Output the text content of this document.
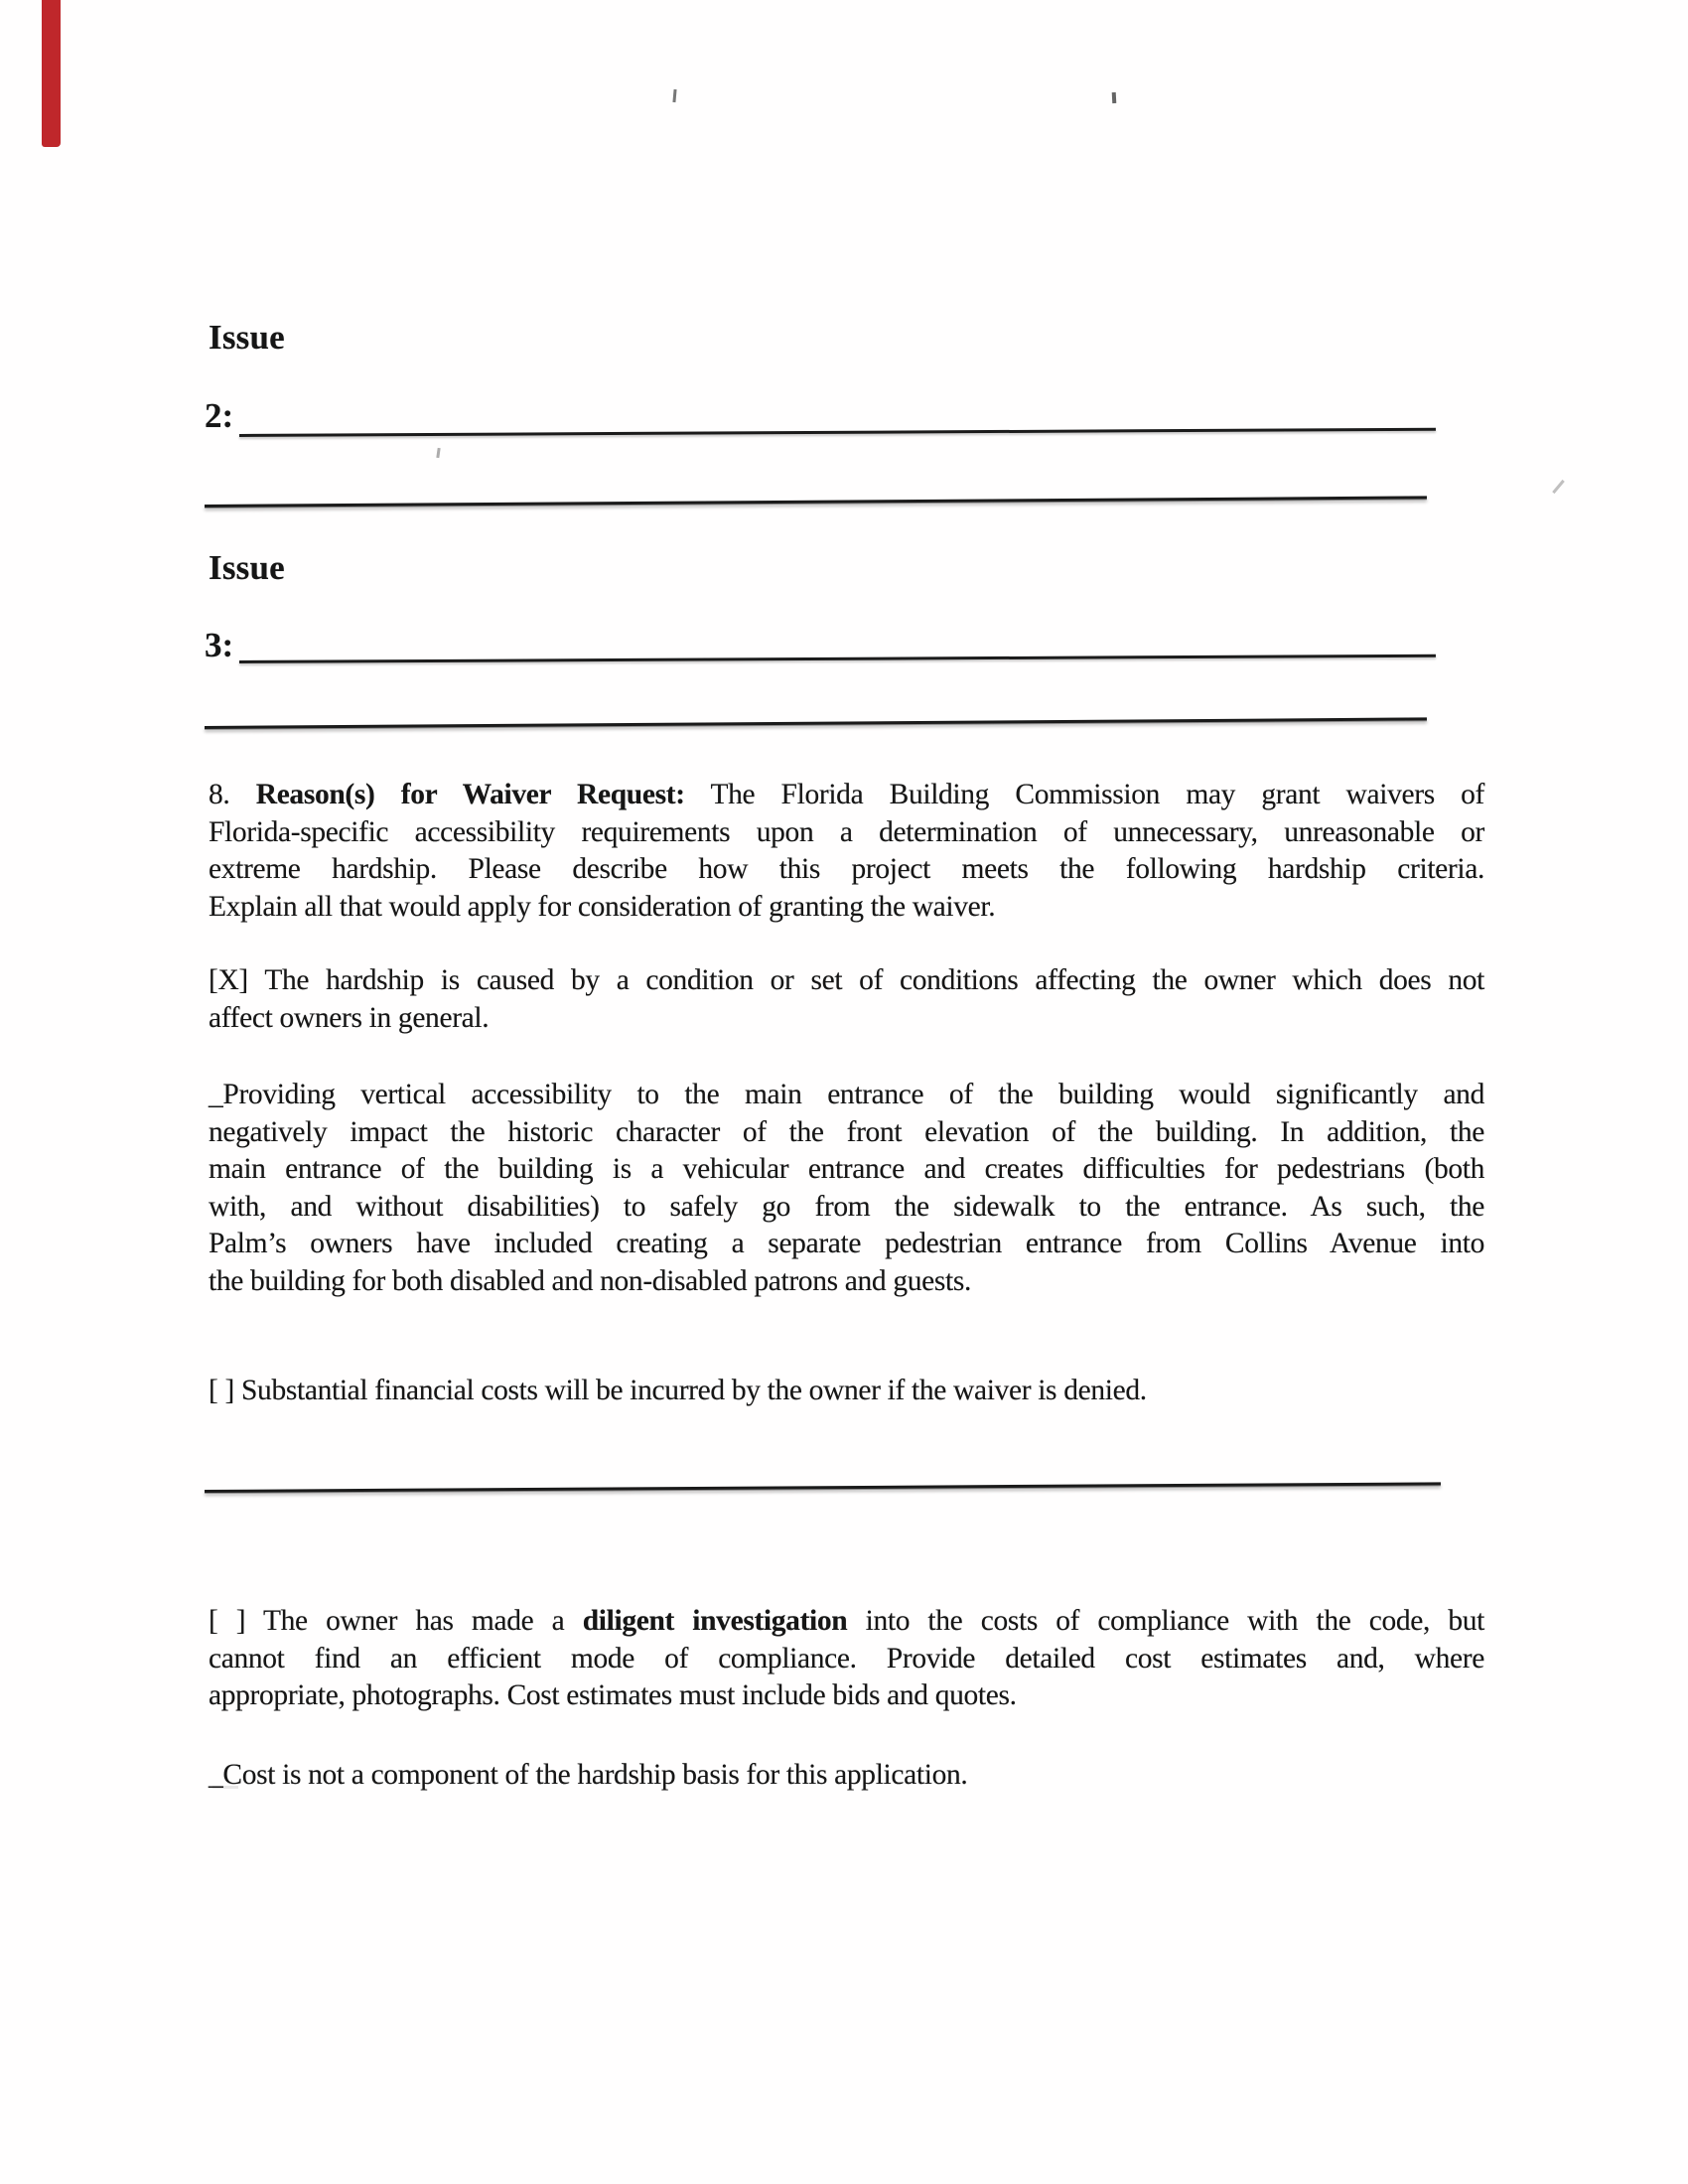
Issue
2:
Issue
3:
8. Reason(s) for Waiver Request: The Florida Building Commission may grant waivers of
Florida-specific accessibility requirements upon a determination of unnecessary, unreasonable or
extreme hardship. Please describe how this project meets the following hardship criteria.
Explain all that would apply for consideration of granting the waiver.
[X] The hardship is caused by a condition or set of conditions affecting the owner which does not
affect owners in general.
_Providing vertical accessibility to the main entrance of the building would significantly and
negatively impact the historic character of the front elevation of the building. In addition, the
main entrance of the building is a vehicular entrance and creates difficulties for pedestrians (both
with, and without disabilities) to safely go from the sidewalk to the entrance. As such, the
Palm’s owners have included creating a separate pedestrian entrance from Collins Avenue into
the building for both disabled and non-disabled patrons and guests.
[ ] Substantial financial costs will be incurred by the owner if the waiver is denied.
[ ] The owner has made a diligent investigation into the costs of compliance with the code, but
cannot find an efficient mode of compliance. Provide detailed cost estimates and, where
appropriate, photographs. Cost estimates must include bids and quotes.
_Cost is not a component of the hardship basis for this application.
